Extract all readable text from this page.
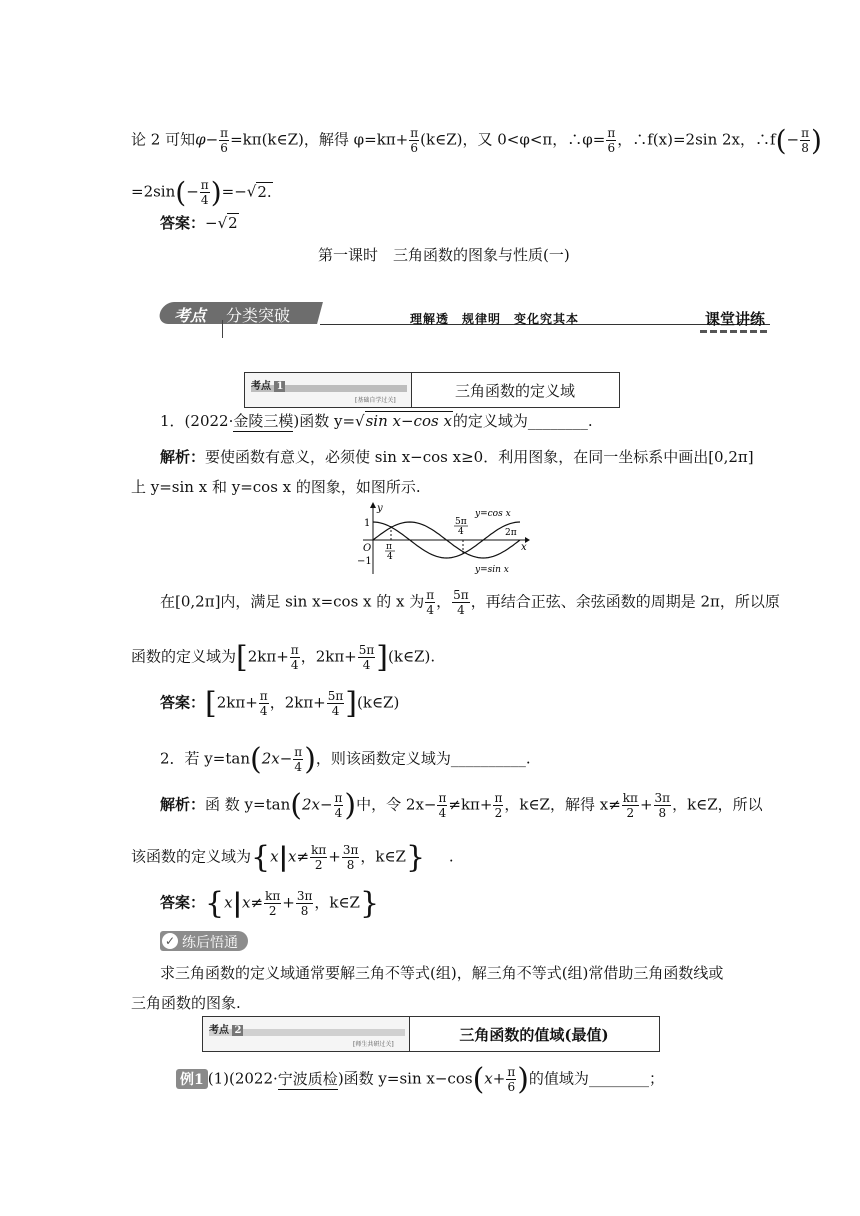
论 2 可知$\varphi- \frac{\pi}{6}$ =kπ(k∈Z)，解得 $\varphi=k\pi+ \frac{\pi}{6}$ (k∈Z)，又 0<φ<π，∴φ= $\frac{\pi}{6}$ ，∴f(x)=2sin 2x，∴f(− $\frac{\pi}{8}$ )
$=2\sin(- \frac{\pi}{4} )=-√2$.
答案：−√2
第一课时　三角函数的图象与性质(一)
考点 分类突破	理解透　规律明　变化究其本	课堂讲练
考点 1
[基础自学过关]
三角函数的定义域
1．(2022·金陵三模)函数 y=√sin x−cos x的定义域为________.
解析：要使函数有意义，必须使 sin x−cos x≥0．利用图象，在同一坐标系中画出[0,2π]
上 y=sin x 和 y=cos x 的图象，如图所示.
y
x
O
1
−1
π
4
5π
4	2π
y=cos x
y=sin x
在[0,2π]内，满足 sin x=cos x 的 x 为 $\frac{\pi}{4}$ ， $\frac{5\pi}{4}$ ，再结合正弦、余弦函数的周期是 2π，所以原
函数的定义域为[$2k\pi+ \frac{\pi}{4}$ ，$2k\pi+ \frac{5\pi}{4}$ ](k∈Z).
答案：[$2k\pi+ \frac{\pi}{4}$ ，$2k\pi+ \frac{5\pi}{4}$ ](k∈Z)
2．若 $y=\tan(2x- \frac{\pi}{4}$ )，则该函数定义域为__________.
解析：函 数 $y=\tan(2x- \frac{\pi}{4}$ )中，令 $2x- \frac{\pi}{4} \ne k\pi+ \frac{\pi}{2}$ ，k∈Z，解得 $x\ne \frac{k\pi}{2} + \frac{3\pi}{8}$ ，k∈Z，所以
该函数的定义域为{$x|x\ne \frac{k\pi}{2} + \frac{3\pi}{8}$ ，k∈Z} .
答案：{$x|x\ne \frac{k\pi}{2} + \frac{3\pi}{8}$ ，k∈Z}
✓ 练后悟通
求三角函数的定义域通常要解三角不等式(组)，解三角不等式(组)常借助三角函数线或
三角函数的图象.
考点 2
[师生共研过关]
三角函数的值域(最值)
例1 (1)(2022·宁波质检)函数 y=sin $x-\cos(x+ \frac{\pi}{6}$ )的值域为________；
